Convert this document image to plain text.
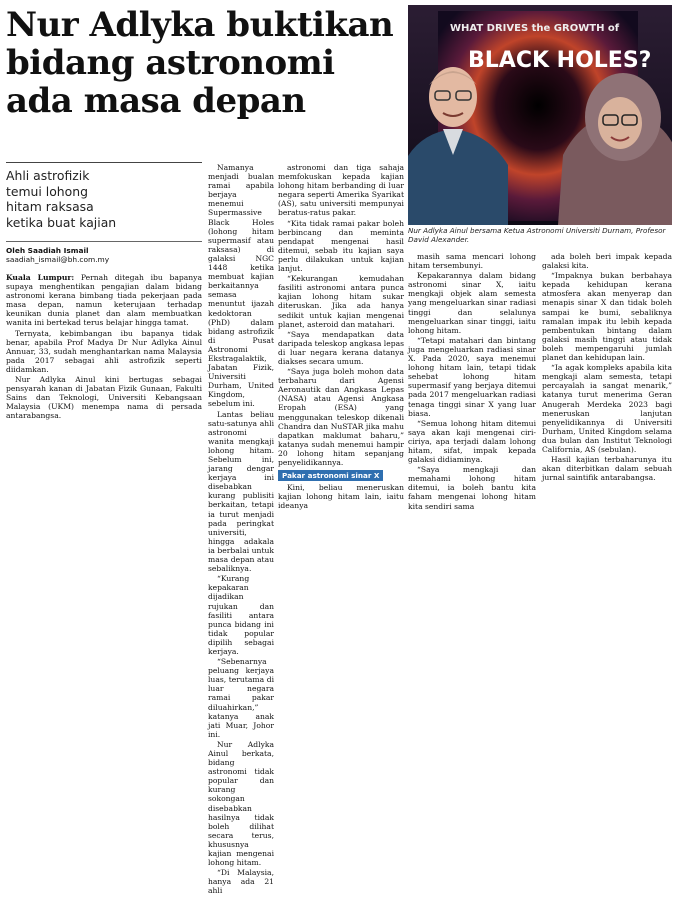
Nur Adlyka buktikan
bidang astronomi
ada masa depan
Ahli astrofizik
temui lohong
hitam raksasa
ketika buat kajian
Oleh Saadiah Ismail
saadiah_ismail@bh.com.my

Kuala Lumpur: Pernah ditegah ibu bapanya supaya menghentikan pengajian dalam bidang astronomi kerana bimbang tiada pekerjaan pada masa depan, namun keterujaan terhadap keunikan dunia planet dan alam membuatkan wanita ini bertekad terus belajar hingga tamat.

Ternyata, kebimbangan ibu bapanya tidak benar, apabila Prof Madya Dr Nur Adlyka Ainul Annuar, 33, sudah menghantarkan nama Malaysia pada 2017 sebagai ahli astrofizik seperti diidamkan.

Nur Adlyka Ainul kini bertugas sebagai pensyarah kanan di Jabatan Fizik Gunaan, Fakulti Sains dan Teknologi, Universiti Kebangsaan Malaysia (UKM) menempa nama di persada antarabangsa.

Namanya menjadi bualan ramai apabila berjaya menemui Supermassive Black Holes (lohong hitam supermasif atau raksasa) di galaksi NGC 1448 ketika membuat kajian berkaitannya semasa menuntut ijazah kedoktoran (PhD) dalam bidang astrofizik di Pusat Astronomi Ekstragalaktik, Jabatan Fizik, Universiti Durham, United Kingdom, sebelum ini.

Lantas beliau satu-satunya ahli astronomi wanita mengkaji lohong hitam. Sebelum ini, jarang dengar kerjaya ini disebabkan kurang publisiti berkaitan, tetapi ia turut menjadi pada peringkat universiti, hingga adakala ia berbalai untuk masa depan atau sebaliknya.

“Kurang kepakaran dijadikan rujukan dan fasiliti antara punca bidang ini tidak popular dipilih sebagai kerjaya.

“Sebenarnya peluang kerjaya luas, terutama di luar negara ramai pakar diluahirkan,” katanya anak jati Muar, Johor ini.

Nur Adlyka Ainul berkata, bidang astronomi tidak popular dan kurang sokongan disebabkan hasilnya tidak boleh dilihat secara terus, khususnya kajian mengenai lohong hitam.

“Di Malaysia, hanya ada 21 ahli

astronomi dan tiga sahaja memfokuskan kepada kajian lohong hitam berbanding di luar negara seperti Amerika Syarikat (AS), satu universiti mempunyai beratus-ratus pakar.

“Kita tidak ramai pakar boleh berbincang dan meminta pendapat mengenai hasil ditemui, sebab itu kajian saya perlu dilakukan untuk kajian lanjut.

“Kekurangan kemudahan fasiliti astronomi antara punca kajian lohong hitam sukar diteruskan. Jika ada hanya sedikit untuk kajian mengenai planet, asteroid dan matahari.

“Saya mendapatkan data daripada teleskop angkasa lepas di luar negara kerana datanya diakses secara umum.

“Saya juga boleh mohon data terbaharu dari Agensi Aeronautik dan Angkasa Lepas (NASA) atau Agensi Angkasa Eropah (ESA) yang menggunakan teleskop dikenali Chandra dan NuSTAR jika mahu dapatkan maklumat baharu,” katanya sudah menemui hampir 20 lohong hitam sepanjang penyelidikannya.

Pakar astronomi sinar X

Kini, beliau meneruskan kajian lohong hitam lain, iaitu ideanya

WHAT DRIVES the GROWTH of
BLACK HOLES?
Nur Adlyka Ainul bersama Ketua Astronomi Universiti Durnam, Profesor David Alexander.

masih sama mencari lohong hitam tersembunyi.

Kepakarannya dalam bidang astronomi sinar X, iaitu mengkaji objek alam semesta yang mengeluarkan sinar radiasi tinggi dan selalunya mengeluarkan sinar tinggi, iaitu lohong hitam.

“Tetapi matahari dan bintang juga mengeluarkan radiasi sinar X. Pada 2020, saya menemui lohong hitam lain, tetapi tidak sehebat lohong hitam supermasif yang berjaya ditemui pada 2017 mengeluarkan radiasi tenaga tinggi sinar X yang luar biasa.

“Semua lohong hitam ditemui saya akan kaji mengenai ciri-ciriya, apa terjadi dalam lohong hitam, sifat, impak kepada galaksi didiaminya.

“Saya mengkaji dan memahami lohong hitam ditemui, ia boleh bantu kita faham mengenai lohong hitam kita sendiri sama

ada boleh beri impak kepada galaksi kita.

“Impaknya bukan berbahaya kepada kehidupan kerana atmosfera akan menyerap dan menapis sinar X dan tidak boleh sampai ke bumi, sebaliknya ramalan impak itu lebih kepada pembentukan bintang dalam galaksi masih tinggi atau tidak boleh mempengaruhi jumlah planet dan kehidupan lain.

“Ia agak kompleks apabila kita mengkaji alam semesta, tetapi percayalah ia sangat menarik,” katanya turut menerima Geran Anugerah Merdeka 2023 bagi meneruskan lanjutan penyelidikannya di Universiti Durham, United Kingdom selama dua bulan dan Institut Teknologi California, AS (sebulan).

Hasil kajian terbaharunya itu akan diterbitkan dalam sebuah jurnal saintifik antarabangsa.
